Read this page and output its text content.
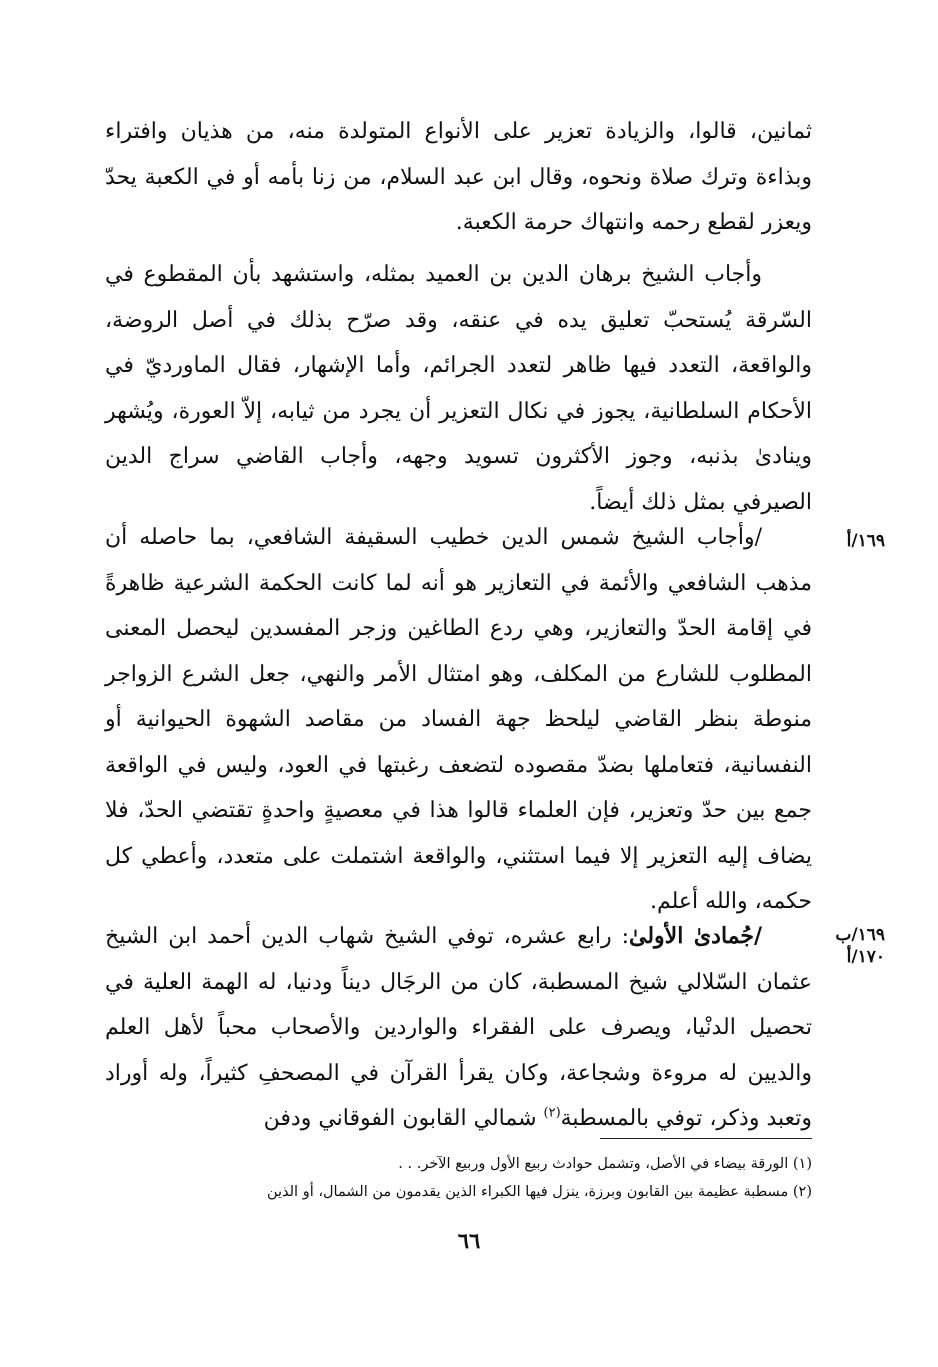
ثمانين، قالوا، والزيادة تعزير على الأنواع المتولدة منه، من هذيان وافتراء وبذاءة وترك صلاة ونحوه، وقال ابن عبد السلام، من زنا بأمه أو في الكعبة يحدّ ويعزر لقطع رحمه وانتهاك حرمة الكعبة.

وأجاب الشيخ برهان الدين بن العميد بمثله، واستشهد بأن المقطوع في السّرقة يُستحبّ تعليق يده في عنقه، وقد صرّح بذلك في أصل الروضة، والواقعة، التعدد فيها ظاهر لتعدد الجرائم، وأما الإشهار، فقال الماورديّ في الأحكام السلطانية، يجوز في نكال التعزير أن يجرد من ثيابه، إلاّ العورة، ويُشهر وينادىٰ بذنبه، وجوز الأكثرون تسويد وجهه، وأجاب القاضي سراج الدين الصيرفي بمثل ذلك أيضاً.

/وأجاب الشيخ شمس الدين خطيب السقيفة الشافعي، بما حاصله أن مذهب الشافعي والأئمة في التعازير هو أنه لما كانت الحكمة الشرعية ظاهرةً في إقامة الحدّ والتعازير، وهي ردع الطاغين وزجر المفسدين ليحصل المعنى المطلوب للشارع من المكلف، وهو امتثال الأمر والنهي، جعل الشرع الزواجر منوطة بنظر القاضي ليلحظ جهة الفساد من مقاصد الشهوة الحيوانية أو النفسانية، فتعاملها بضدّ مقصوده لتضعف رغبتها في العود، وليس في الواقعة جمع بين حدّ وتعزير، فإن العلماء قالوا هذا في معصيةٍ واحدةٍ تقتضي الحدّ، فلا يضاف إليه التعزير إلا فيما استثني، والواقعة اشتملت على متعدد، وأعطي كل حكمه، والله أعلم.

/جُمادىٰ الأولىٰ: رابع عشره، توفي الشيخ شهاب الدين أحمد ابن الشيخ عثمان السّلالي شيخ المسطبة، كان من الرجَال ديناً ودنيا، له الهمة العلية في تحصيل الدنْيا، ويصرف على الفقراء والواردين والأصحاب محباً لأهل العلم والديين له مروءة وشجاعة، وكان يقرأ القرآن في المصحفِ كثيراً، وله أوراد وتعبد وذكر، توفي بالمسطبة$^{(٢)}$ شمالي القابون الفوقاني ودفن

١٦٩/أ
١٦٩/ب
١٧٠/أ

(١) الورقة بيضاء في الأصل، وتشمل حوادث ربيع الأول وربيع الآخر. . .

(٢) مسطبة عظيمة بين القابون وبرزة، ينزل فيها الكبراء الذين يقدمون من الشمال، أو الذين

٦٦
